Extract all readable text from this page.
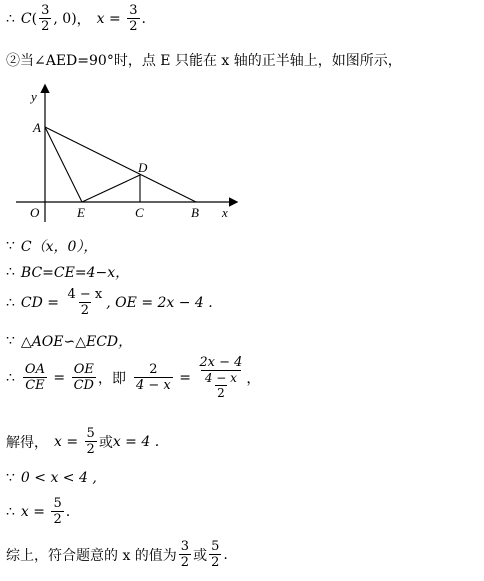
∴ C ( $\frac{3}{2}$ , 0) ， $x = \frac{3}{2}$ .
②当∠AED=90°时，点 E 只能在 x 轴的正半轴上，如图所示，
y
A
D
O	E	C	B x
∵ C（x，0），
∴ BC=CE=4−x，
∴ CD = $\frac{4 - x}{2}$ , OE = 2x − 4 .
∵ △AOE∽△ECD，
∴ $\frac{OA}{CE} = \frac{OE}{CD}$ ，即 $\frac{2}{4 - x} = \frac{2x - 4}{\frac{4 - x}{2}}$ ，
解得， $x = \frac{5}{2}$ 或 x = 4 .
∵ 0 < x < 4 ,
∴ $x = \frac{5}{2}$ .
综上，符合题意的 x 的值为 $\frac{3}{2}$ 或 $\frac{5}{2}$ .
